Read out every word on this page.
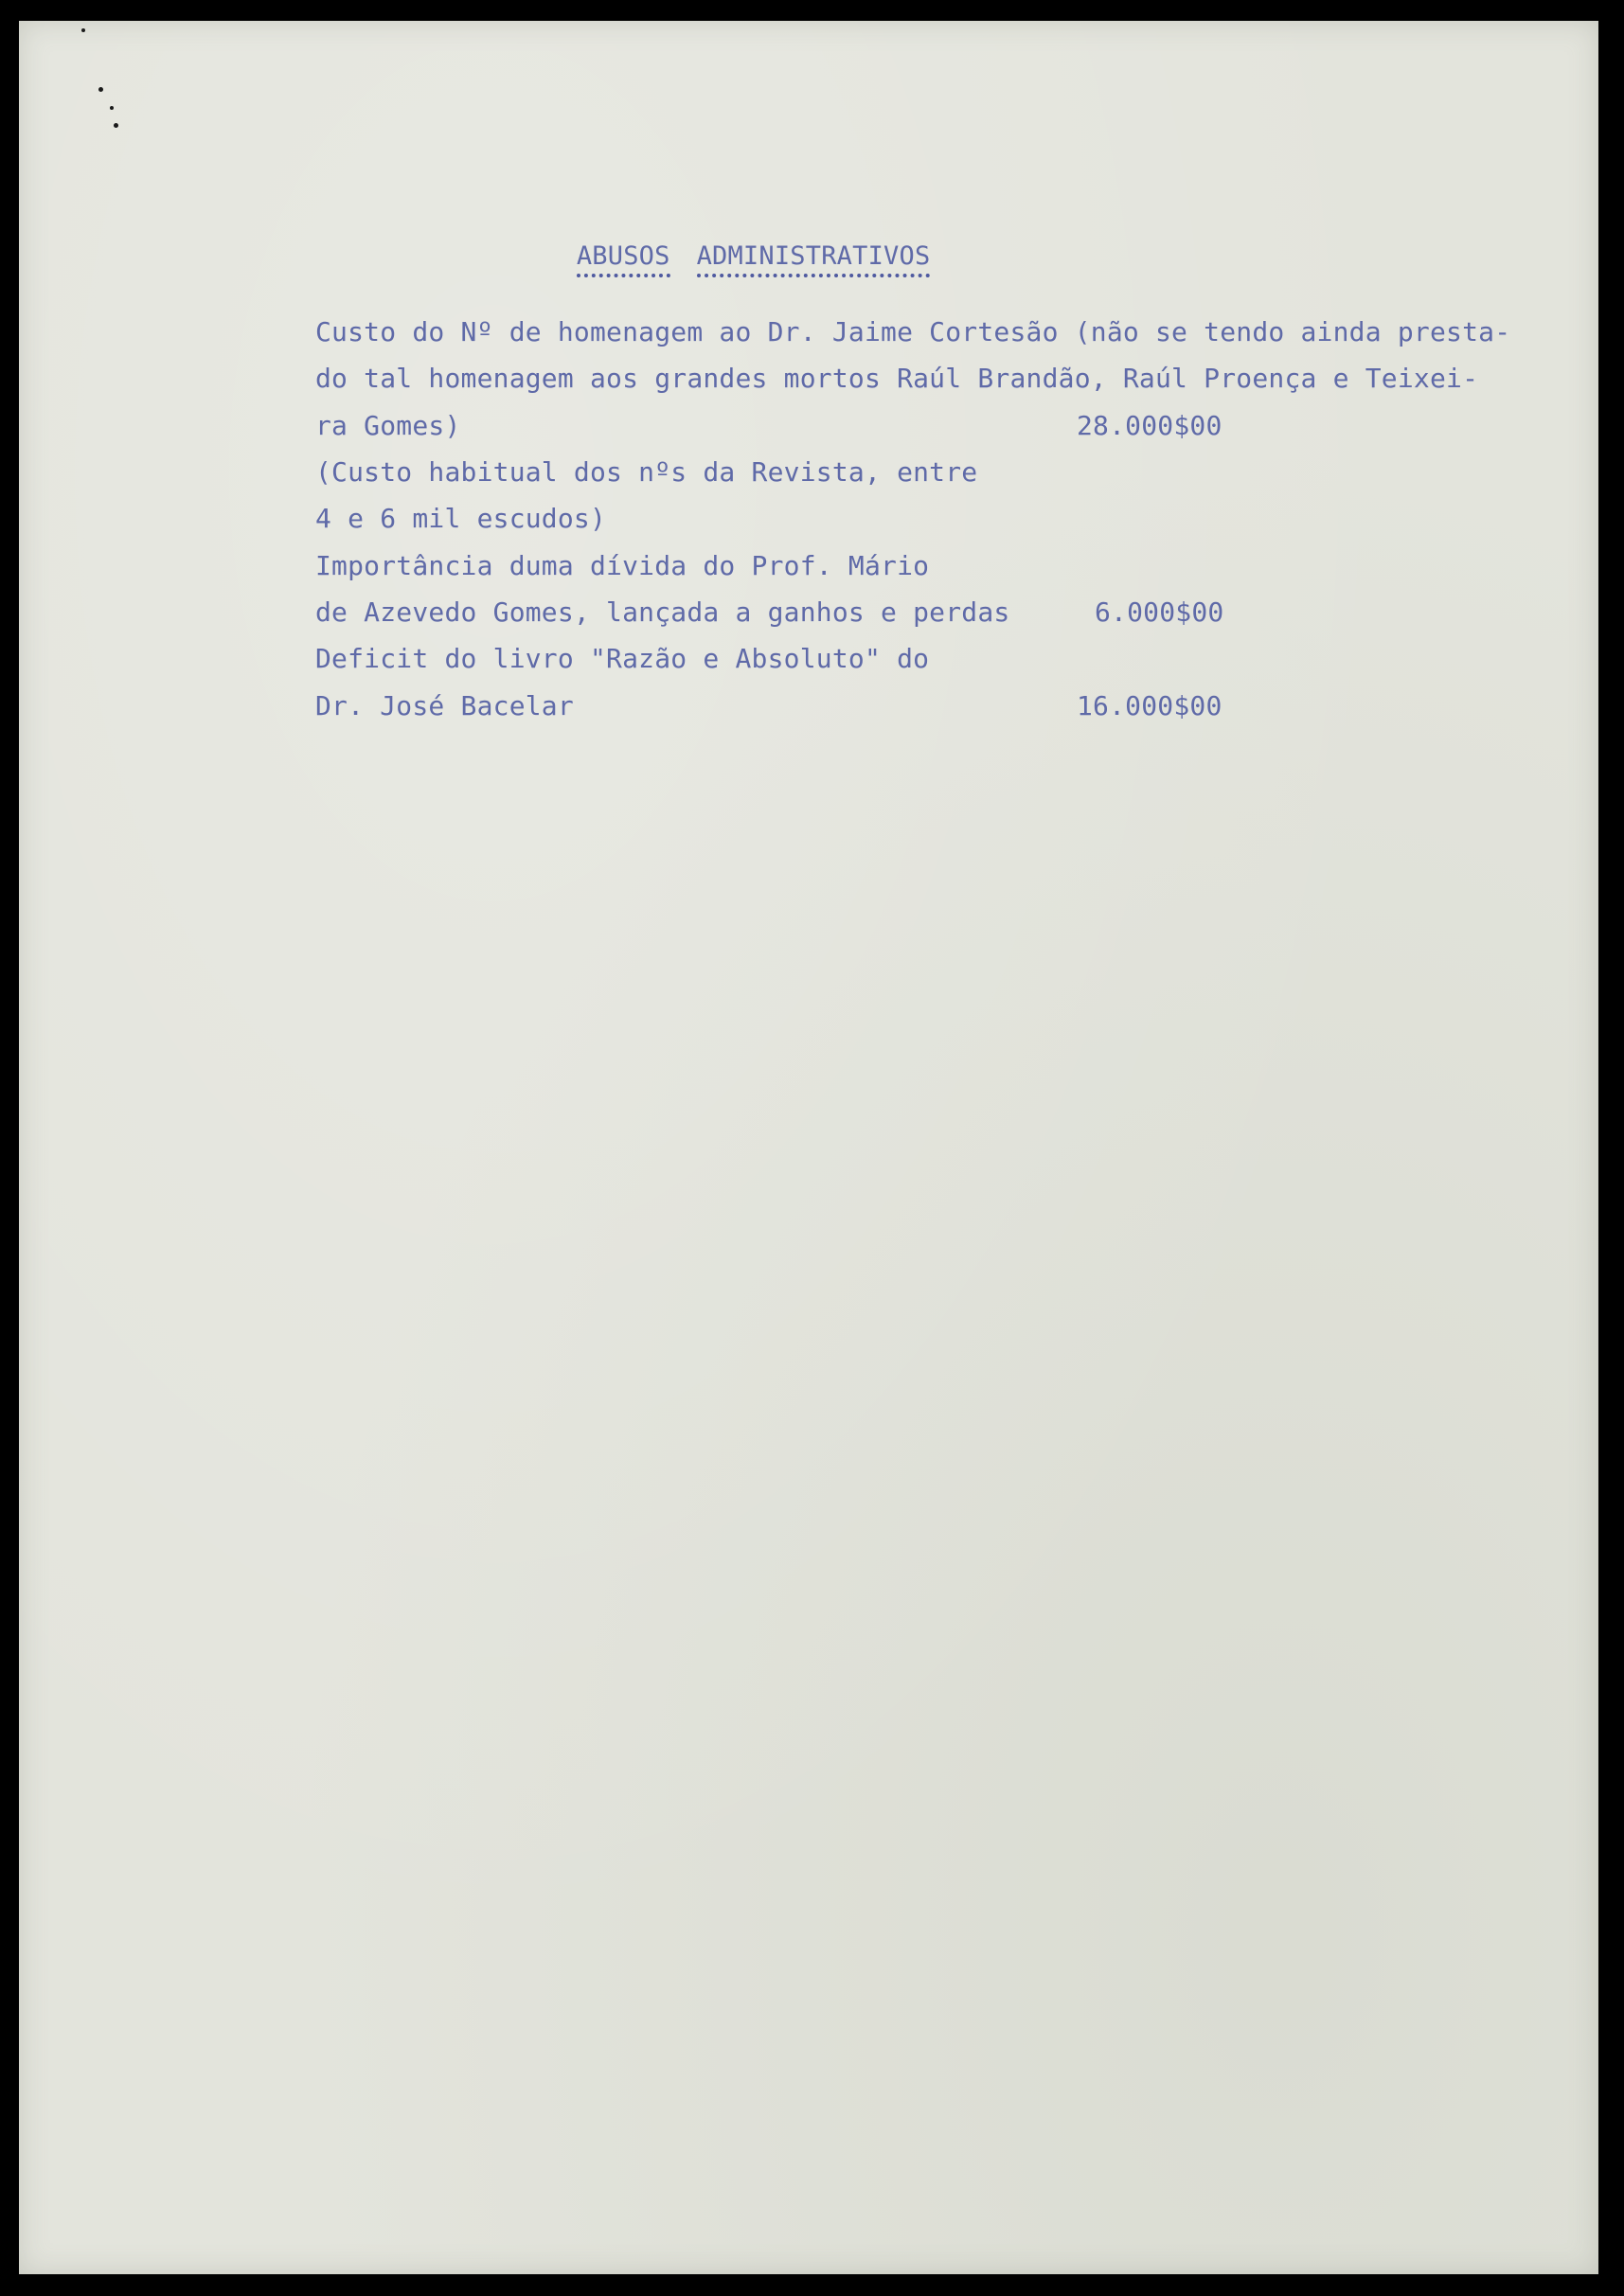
ABUSOS ADMINISTRATIVOS

Custo do Nº de homenagem ao Dr. Jaime Cortesão (não se tendo ainda presta-
do tal homenagem aos grandes mortos Raúl Brandão, Raúl Proença e Teixei-
ra Gomes)	28.000$00
(Custo habitual dos nºs da Revista, entre
4 e 6 mil escudos)
Importância duma dívida do Prof. Mário
de Azevedo Gomes, lançada a ganhos e perdas	6.000$00
Deficit do livro "Razão e Absoluto" do
Dr. José Bacelar	16.000$00
